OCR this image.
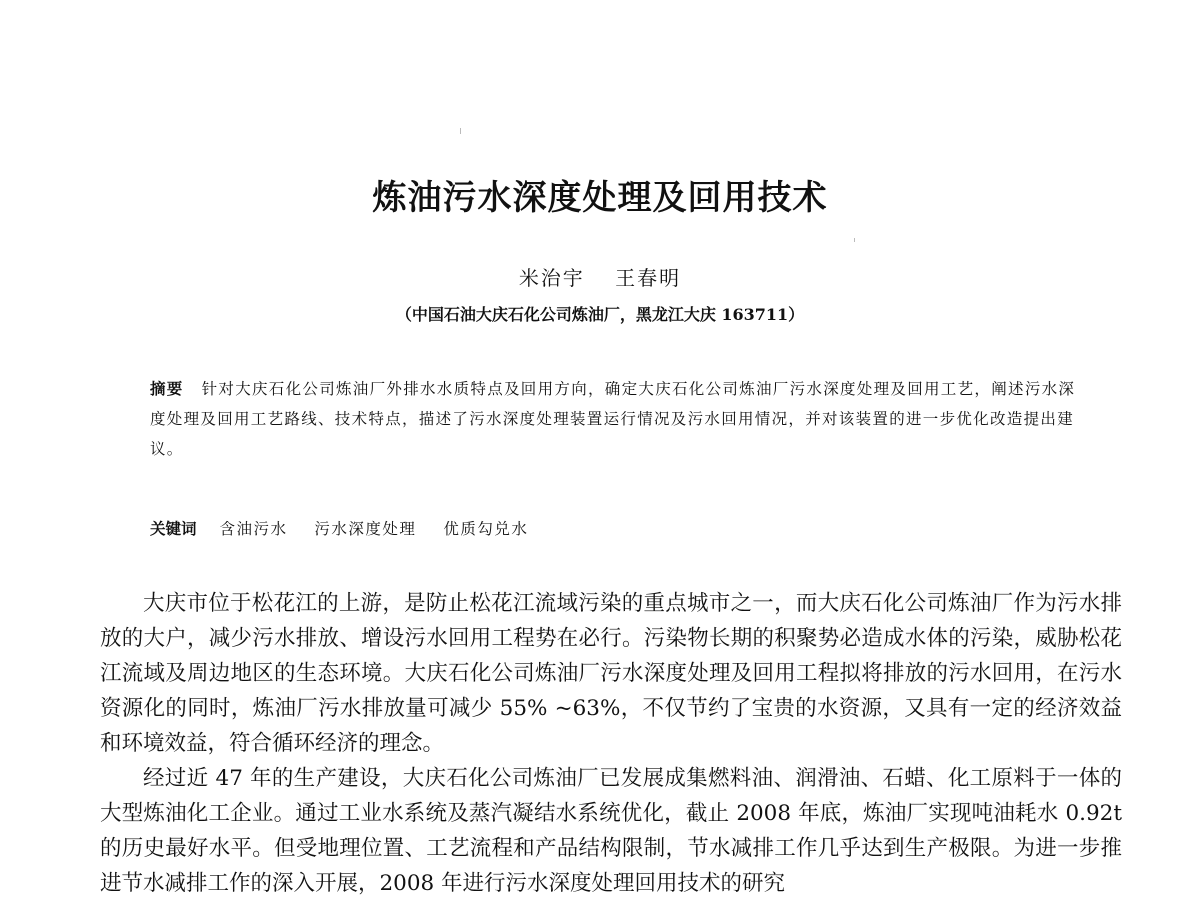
炼油污水深度处理及回用技术
米治宇 王春明
（中国石油大庆石化公司炼油厂，黑龙江大庆 163711）

摘要 针对大庆石化公司炼油厂外排水水质特点及回用方向，确定大庆石化公司炼油厂污水深度处理及回用工艺，阐述污水深度处理及回用工艺路线、技术特点，描述了污水深度处理装置运行情况及污水回用情况，并对该装置的进一步优化改造提出建议。

关键词 含油污水 污水深度处理 优质勾兑水

大庆市位于松花江的上游，是防止松花江流域污染的重点城市之一，而大庆石化公司炼油厂作为污水排放的大户，减少污水排放、增设污水回用工程势在必行。污染物长期的积聚势必造成水体的污染，威胁松花江流域及周边地区的生态环境。大庆石化公司炼油厂污水深度处理及回用工程拟将排放的污水回用，在污水资源化的同时，炼油厂污水排放量可减少 55% ~63%，不仅节约了宝贵的水资源，又具有一定的经济效益和环境效益，符合循环经济的理念。

经过近 47 年的生产建设，大庆石化公司炼油厂已发展成集燃料油、润滑油、石蜡、化工原料于一体的大型炼油化工企业。通过工业水系统及蒸汽凝结水系统优化，截止 2008 年底，炼油厂实现吨油耗水 0.92t 的历史最好水平。但受地理位置、工艺流程和产品结构限制，节水减排工作几乎达到生产极限。为进一步推进节水减排工作的深入开展，2008 年进行污水深度处理回用技术的研究
